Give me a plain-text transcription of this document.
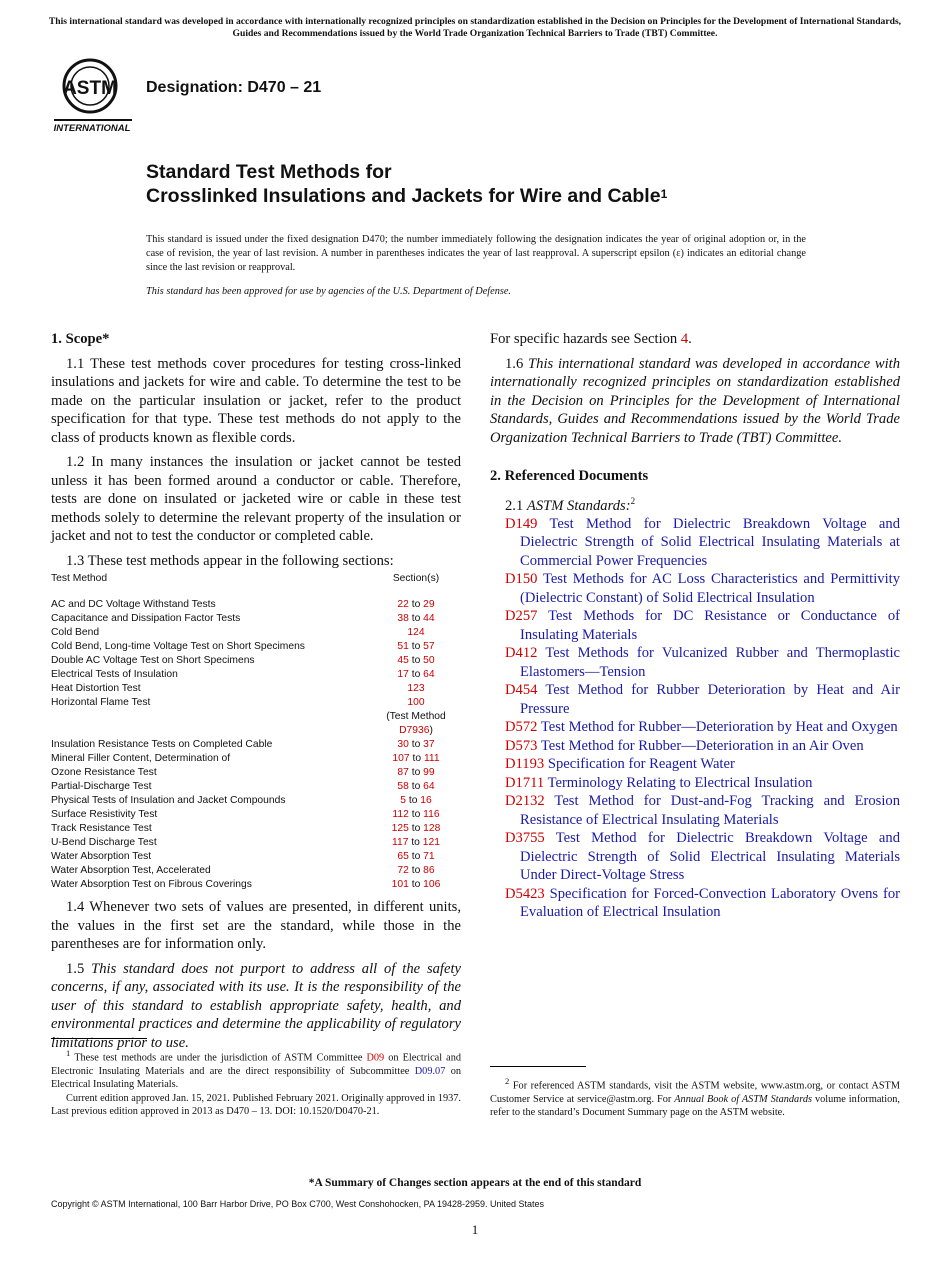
This international standard was developed in accordance with internationally recognized principles on standardization established in the Decision on Principles for the Development of International Standards, Guides and Recommendations issued by the World Trade Organization Technical Barriers to Trade (TBT) Committee.
ASTM
INTERNATIONAL
Designation: D470 – 21
Standard Test Methods for
Crosslinked Insulations and Jackets for Wire and Cable$^1$
This standard is issued under the fixed designation D470; the number immediately following the designation indicates the year of original adoption or, in the case of revision, the year of last revision. A number in parentheses indicates the year of last reapproval. A superscript epsilon (ε) indicates an editorial change since the last revision or reapproval.
This standard has been approved for use by agencies of the U.S. Department of Defense.
1. Scope*

1.1 These test methods cover procedures for testing cross-linked insulations and jackets for wire and cable. To determine the test to be made on the particular insulation or jacket, refer to the product specification for that type. These test methods do not apply to the class of products known as flexible cords.

1.2 In many instances the insulation or jacket cannot be tested unless it has been formed around a conductor or cable. Therefore, tests are done on insulated or jacketed wire or cable in these test methods solely to determine the relevant property of the insulation or jacket and not to test the conductor or completed cable.

1.3 These test methods appear in the following sections:

Test Method	Section(s)
AC and DC Voltage Withstand Tests	22 to 29
Capacitance and Dissipation Factor Tests	38 to 44
Cold Bend	124
Cold Bend, Long-time Voltage Test on Short Specimens	51 to 57
Double AC Voltage Test on Short Specimens	45 to 50
Electrical Tests of Insulation	17 to 64
Heat Distortion Test	123
Horizontal Flame Test	100
(Test Method
D7936)
Insulation Resistance Tests on Completed Cable	30 to 37
Mineral Filler Content, Determination of	107 to 111
Ozone Resistance Test	87 to 99
Partial-Discharge Test	58 to 64
Physical Tests of Insulation and Jacket Compounds	5 to 16
Surface Resistivity Test	112 to 116
Track Resistance Test	125 to 128
U-Bend Discharge Test	117 to 121
Water Absorption Test	65 to 71
Water Absorption Test, Accelerated	72 to 86
Water Absorption Test on Fibrous Coverings	101 to 106

1.4 Whenever two sets of values are presented, in different units, the values in the first set are the standard, while those in the parentheses are for information only.

1.5 This standard does not purport to address all of the safety concerns, if any, associated with its use. It is the responsibility of the user of this standard to establish appropriate safety, health, and environmental practices and determine the applicability of regulatory limitations prior to use.

For specific hazards see Section 4.

1.6 This international standard was developed in accordance with internationally recognized principles on standardization established in the Decision on Principles for the Development of International Standards, Guides and Recommendations issued by the World Trade Organization Technical Barriers to Trade (TBT) Committee.

2. Referenced Documents

2.1 ASTM Standards:$^2$

D149 Test Method for Dielectric Breakdown Voltage and Dielectric Strength of Solid Electrical Insulating Materials at Commercial Power Frequencies
D150 Test Methods for AC Loss Characteristics and Permittivity (Dielectric Constant) of Solid Electrical Insulation
D257 Test Methods for DC Resistance or Conductance of Insulating Materials
D412 Test Methods for Vulcanized Rubber and Thermoplastic Elastomers—Tension
D454 Test Method for Rubber Deterioration by Heat and Air Pressure
D572 Test Method for Rubber—Deterioration by Heat and Oxygen
D573 Test Method for Rubber—Deterioration in an Air Oven
D1193 Specification for Reagent Water
D1711 Terminology Relating to Electrical Insulation
D2132 Test Method for Dust-and-Fog Tracking and Erosion Resistance of Electrical Insulating Materials
D3755 Test Method for Dielectric Breakdown Voltage and Dielectric Strength of Solid Electrical Insulating Materials Under Direct-Voltage Stress
D5423 Specification for Forced-Convection Laboratory Ovens for Evaluation of Electrical Insulation

$^1$ These test methods are under the jurisdiction of ASTM Committee D09 on Electrical and Electronic Insulating Materials and are the direct responsibility of Subcommittee D09.07 on Electrical Insulating Materials.

Current edition approved Jan. 15, 2021. Published February 2021. Originally approved in 1937. Last previous edition approved in 2013 as D470 – 13. DOI: 10.1520/D0470-21.

$^2$ For referenced ASTM standards, visit the ASTM website, www.astm.org, or contact ASTM Customer Service at service@astm.org. For Annual Book of ASTM Standards volume information, refer to the standard’s Document Summary page on the ASTM website.

*A Summary of Changes section appears at the end of this standard
Copyright © ASTM International, 100 Barr Harbor Drive, PO Box C700, West Conshohocken, PA 19428-2959. United States
1
